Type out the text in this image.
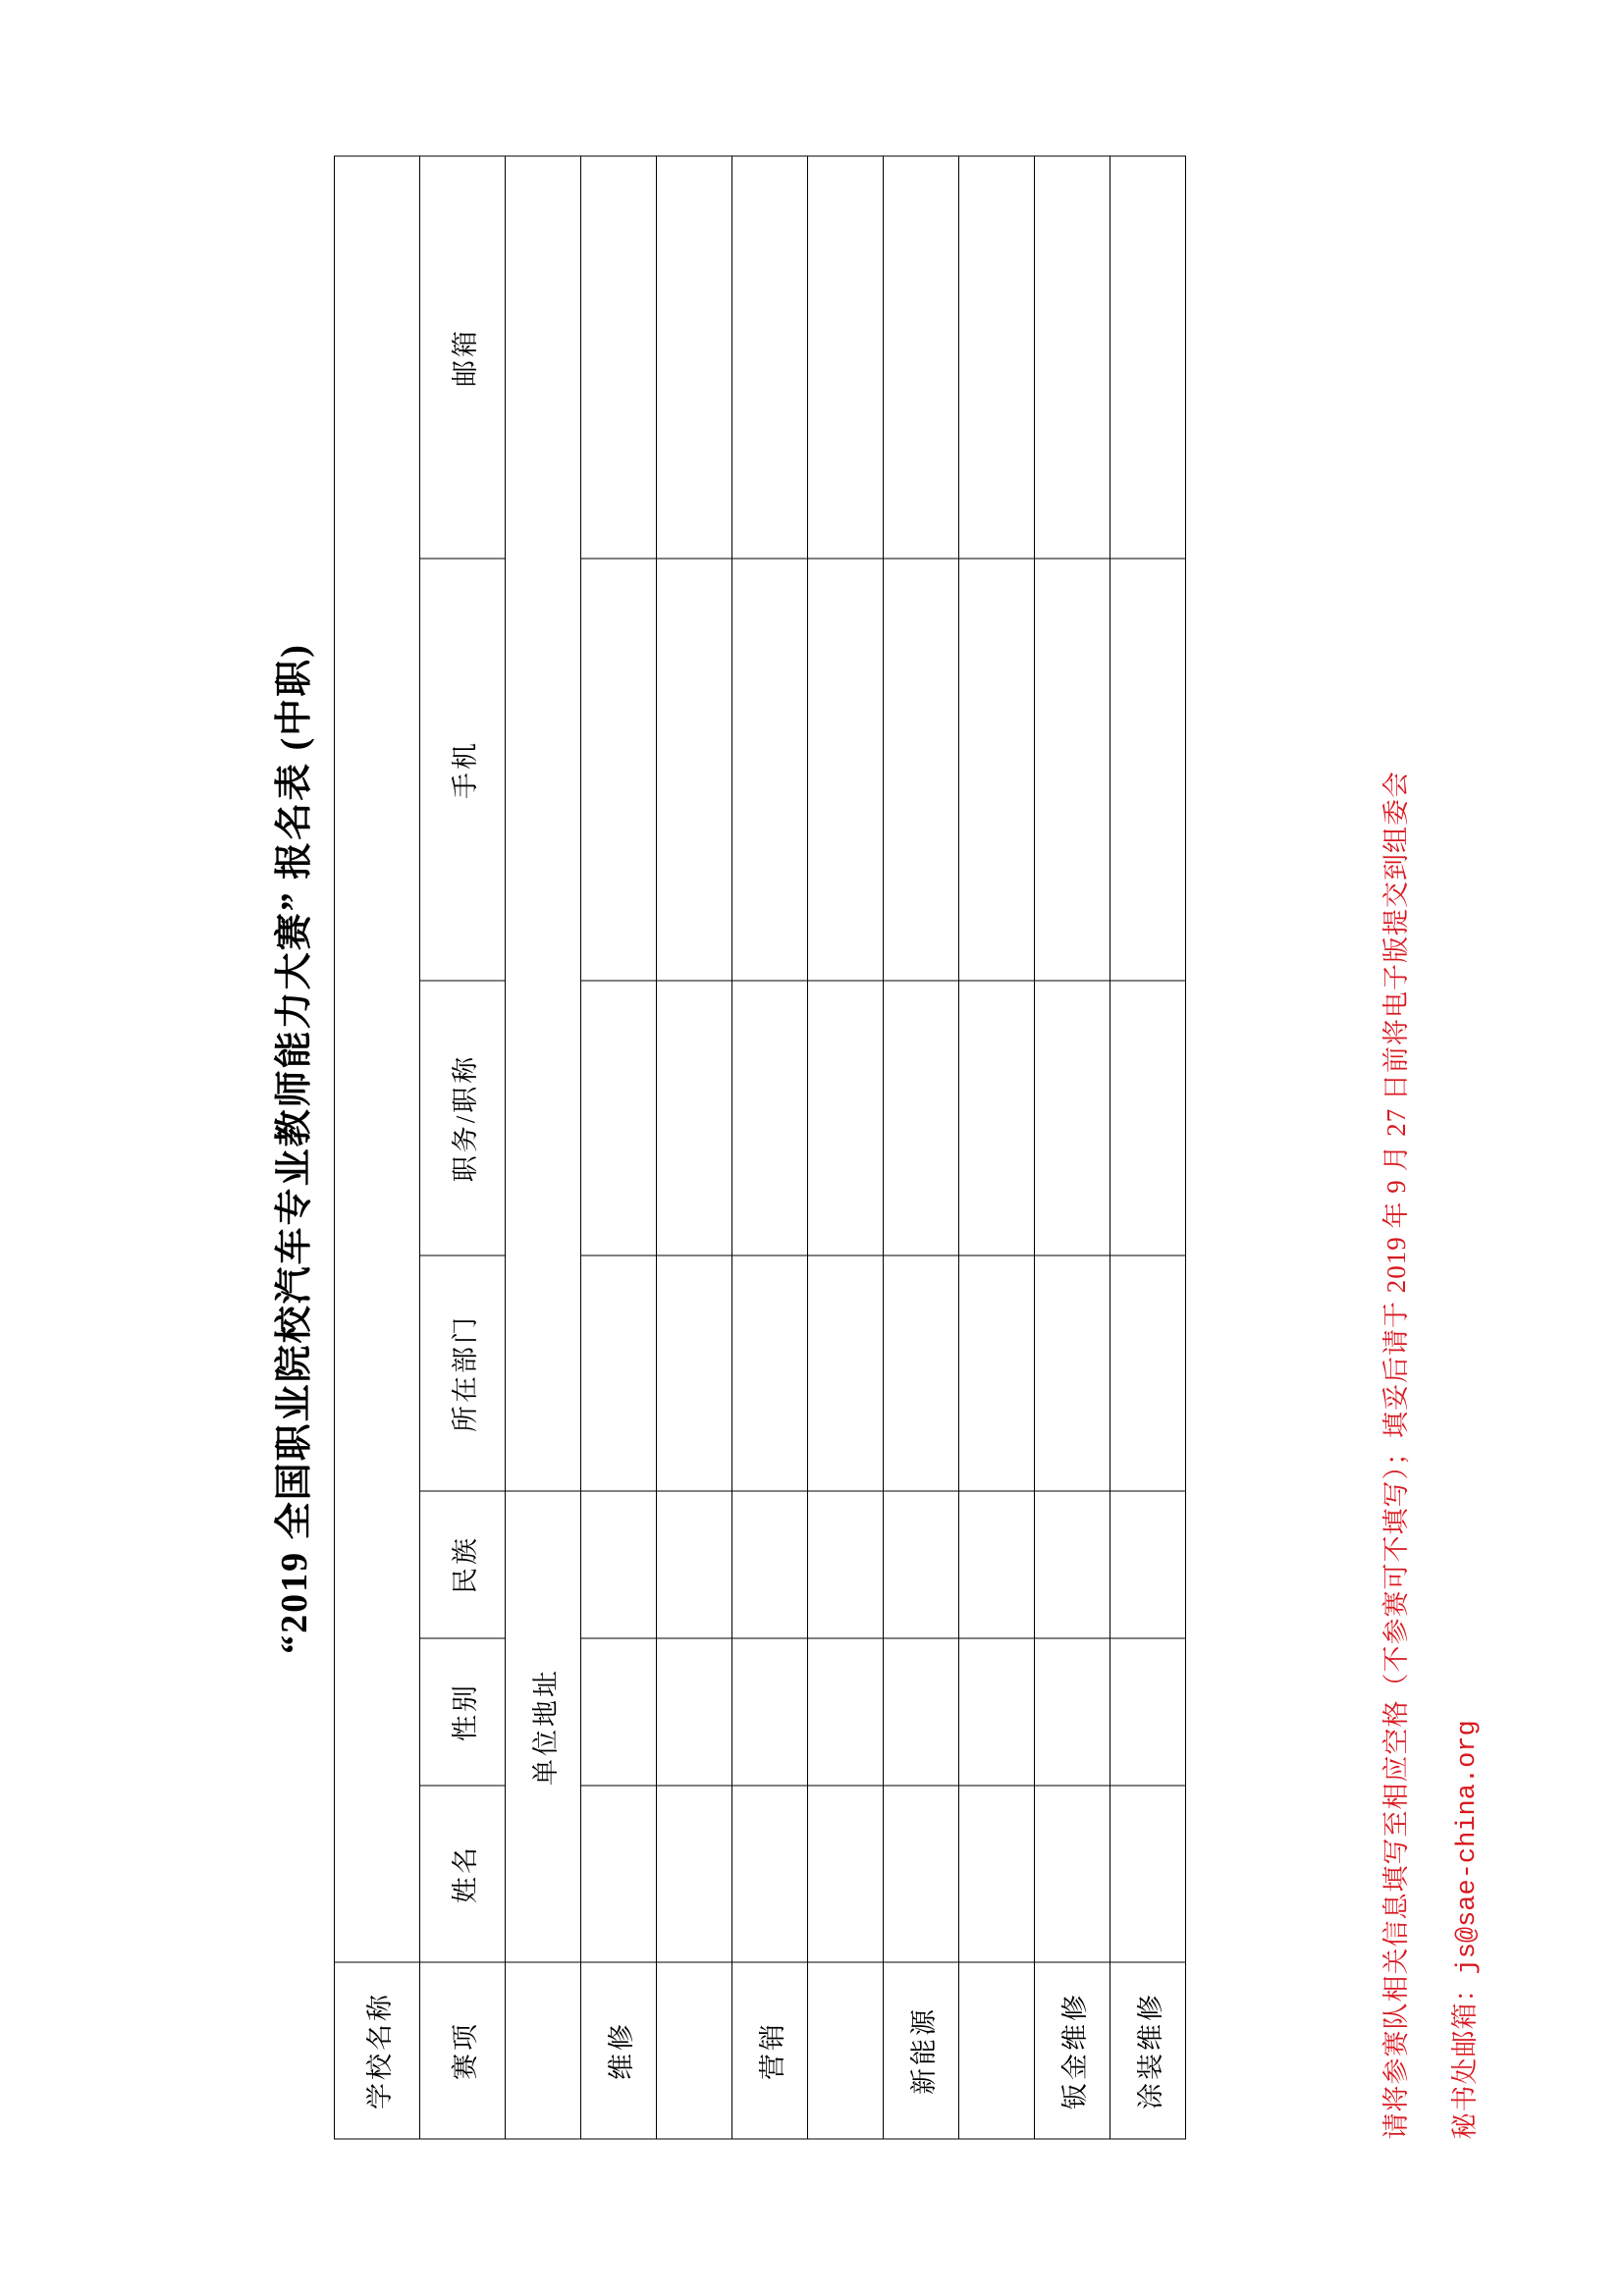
“2019 全国职业院校汽车专业教师能力大赛” 报名表 (中职)
学校名称							
赛项	姓名	性别	民族	所在部门	职务/职称	手机	邮箱
	单位地址						
维修							

营销							

新能源							

钣金维修							
涂装维修								请将参赛队相关信息填写至相应空格（不参赛可不填写）；填妥后请于 2019 年 9 月 27 日前将电子版提交到组委会 秘书处邮箱：js@sae-china.org
